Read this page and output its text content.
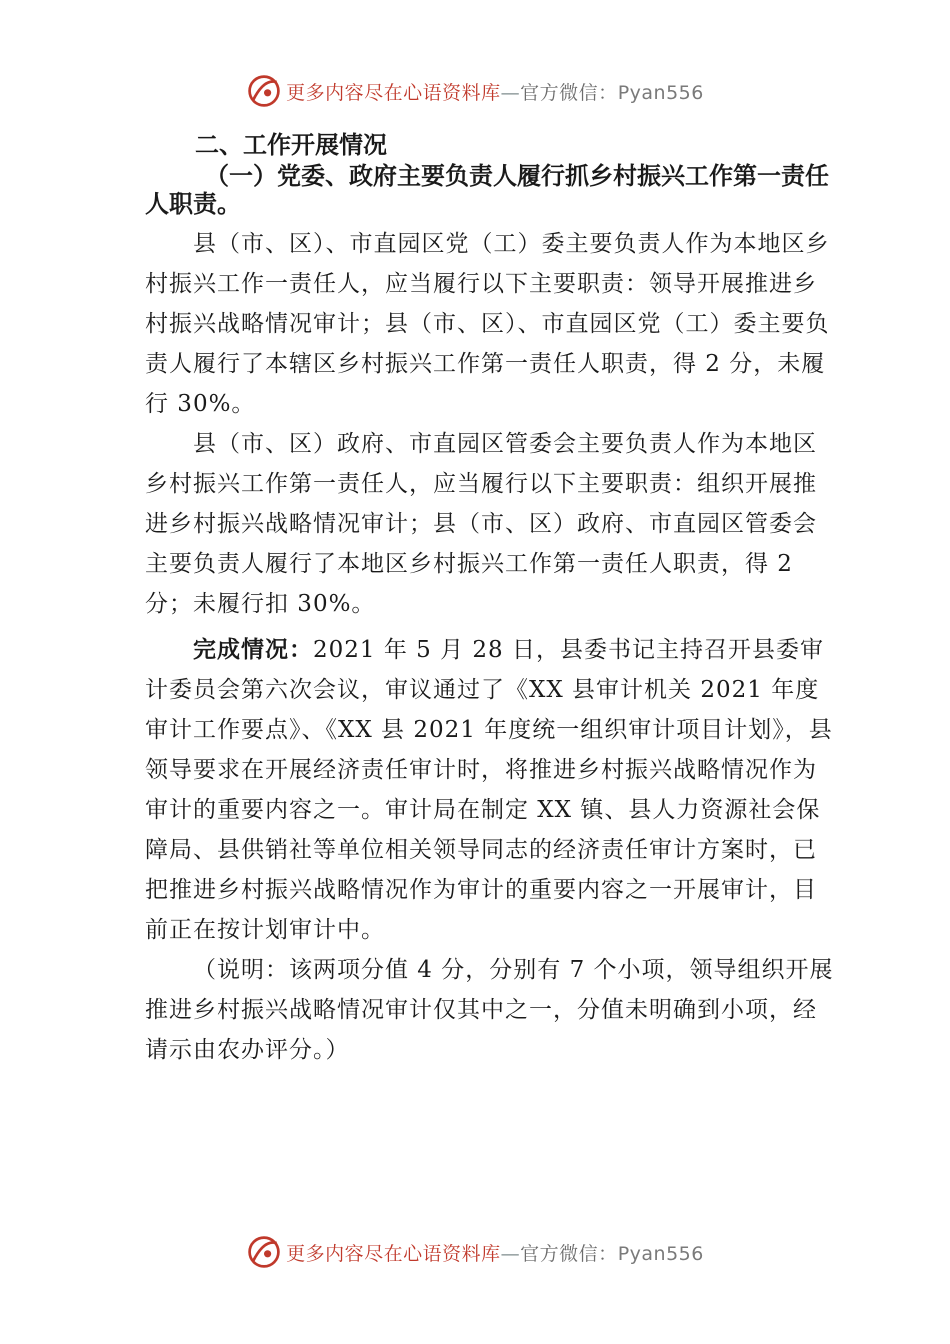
更多内容尽在心语资料库—官方微信：Pyan556
二、工作开展情况
（一）党委、政府主要负责人履行抓乡村振兴工作第一责任人职责。

县（市、区）、市直园区党（工）委主要负责人作为本地区乡村振兴工作一责任人，应当履行以下主要职责：领导开展推进乡村振兴战略情况审计；县（市、区）、市直园区党（工）委主要负责人履行了本辖区乡村振兴工作第一责任人职责，得 2 分，未履行 30%。

县（市、区）政府、市直园区管委会主要负责人作为本地区乡村振兴工作第一责任人，应当履行以下主要职责：组织开展推进乡村振兴战略情况审计；县（市、区）政府、市直园区管委会主要负责人履行了本地区乡村振兴工作第一责任人职责，得 2 分；未履行扣 30%。

完成情况：2021 年 5 月 28 日，县委书记主持召开县委审计委员会第六次会议，审议通过了《XX 县审计机关 2021 年度审计工作要点》、《XX 县 2021 年度统一组织审计项目计划》，县领导要求在开展经济责任审计时，将推进乡村振兴战略情况作为审计的重要内容之一。审计局在制定 XX 镇、县人力资源社会保障局、县供销社等单位相关领导同志的经济责任审计方案时，已把推进乡村振兴战略情况作为审计的重要内容之一开展审计，目前正在按计划审计中。

（说明：该两项分值 4 分，分别有 7 个小项，领导组织开展推进乡村振兴战略情况审计仅其中之一，分值未明确到小项，经请示由农办评分。）

更多内容尽在心语资料库—官方微信：Pyan556
